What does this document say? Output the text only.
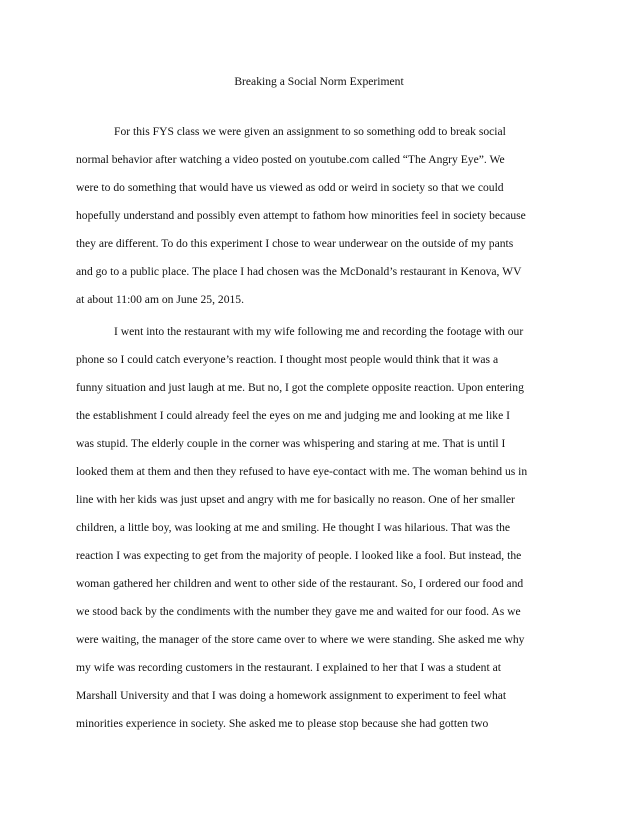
Breaking a Social Norm Experiment
For this FYS class we were given an assignment to so something odd to break social
normal behavior after watching a video posted on youtube.com called “The Angry Eye”. We
were to do something that would have us viewed as odd or weird in society so that we could
hopefully understand and possibly even attempt to fathom how minorities feel in society because
they are different. To do this experiment I chose to wear underwear on the outside of my pants
and go to a public place. The place I had chosen was the McDonald’s restaurant in Kenova, WV
at about 11:00 am on June 25, 2015.
I went into the restaurant with my wife following me and recording the footage with our
phone so I could catch everyone’s reaction. I thought most people would think that it was a
funny situation and just laugh at me. But no, I got the complete opposite reaction. Upon entering
the establishment I could already feel the eyes on me and judging me and looking at me like I
was stupid. The elderly couple in the corner was whispering and staring at me. That is until I
looked them at them and then they refused to have eye-contact with me. The woman behind us in
line with her kids was just upset and angry with me for basically no reason. One of her smaller
children, a little boy, was looking at me and smiling. He thought I was hilarious. That was the
reaction I was expecting to get from the majority of people. I looked like a fool. But instead, the
woman gathered her children and went to other side of the restaurant. So, I ordered our food and
we stood back by the condiments with the number they gave me and waited for our food. As we
were waiting, the manager of the store came over to where we were standing. She asked me why
my wife was recording customers in the restaurant. I explained to her that I was a student at
Marshall University and that I was doing a homework assignment to experiment to feel what
minorities experience in society. She asked me to please stop because she had gotten two
